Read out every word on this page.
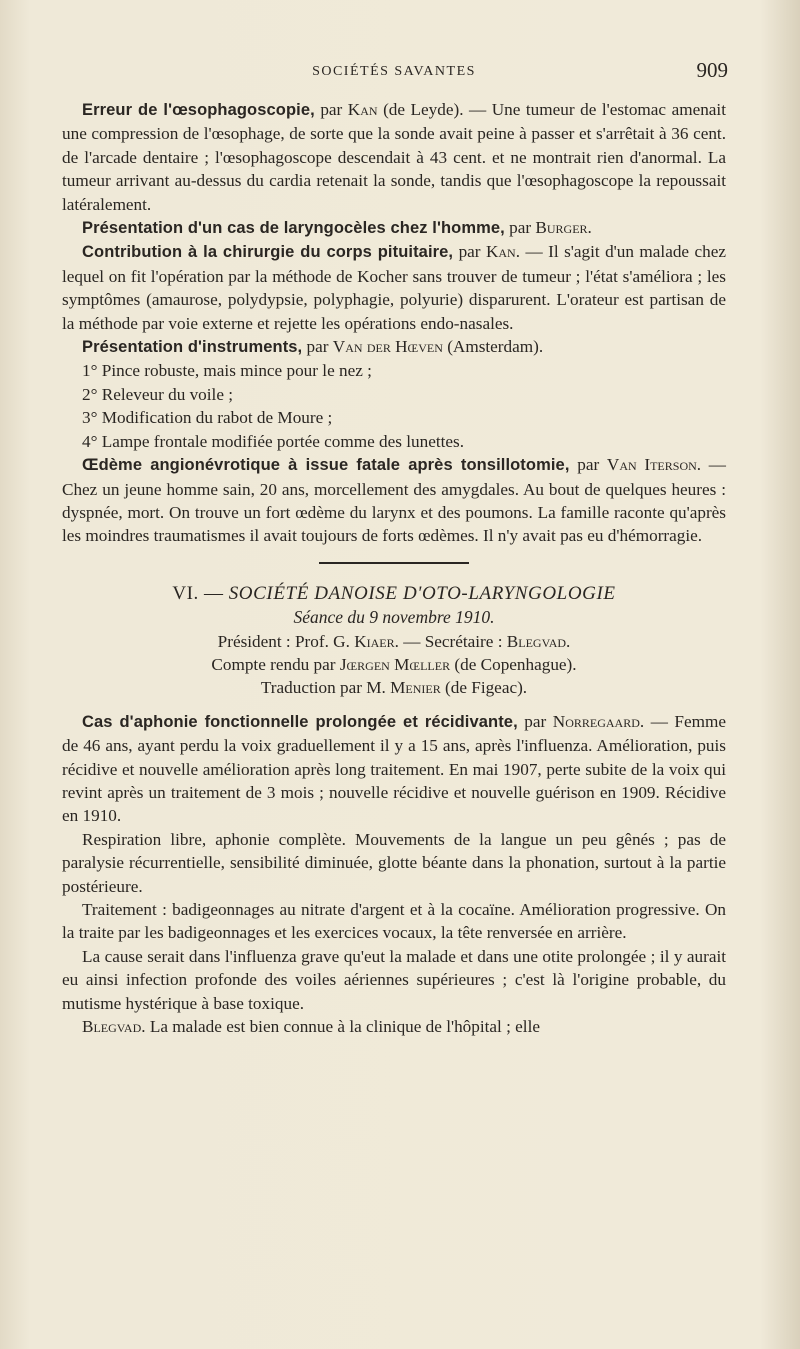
SOCIÉTÉS SAVANTES	909

Erreur de l'œsophagoscopie, par Kan (de Leyde). — Une tumeur de l'estomac amenait une compression de l'œsophage, de sorte que la sonde avait peine à passer et s'arrêtait à 36 cent. de l'arcade dentaire ; l'œsophagoscope descendait à 43 cent. et ne montrait rien d'anormal. La tumeur arrivant au-dessus du cardia retenait la sonde, tandis que l'œsophagoscope la repoussait latéralement.

Présentation d'un cas de laryngocèles chez l'homme, par Burger.

Contribution à la chirurgie du corps pituitaire, par Kan. — Il s'agit d'un malade chez lequel on fit l'opération par la méthode de Kocher sans trouver de tumeur ; l'état s'améliora ; les symptômes (amaurose, polydypsie, polyphagie, polyurie) disparurent. L'orateur est partisan de la méthode par voie externe et rejette les opérations endo-nasales.

Présentation d'instruments, par Van der Hœven (Amsterdam).

1° Pince robuste, mais mince pour le nez ;
2° Releveur du voile ;
3° Modification du rabot de Moure ;
4° Lampe frontale modifiée portée comme des lunettes.

Œdème angionévrotique à issue fatale après tonsillotomie, par Van Iterson. — Chez un jeune homme sain, 20 ans, morcellement des amygdales. Au bout de quelques heures : dyspnée, mort. On trouve un fort œdème du larynx et des poumons. La famille raconte qu'après les moindres traumatismes il avait toujours de forts œdèmes. Il n'y avait pas eu d'hémorragie.

VI. — SOCIÉTÉ DANOISE D'OTO-LARYNGOLOGIE
Séance du 9 novembre 1910.
Président : Prof. G. Kiaer. — Secrétaire : Blegvad.
Compte rendu par Jœrgen Mœller (de Copenhague).
Traduction par M. Menier (de Figeac).

Cas d'aphonie fonctionnelle prolongée et récidivante, par Norregaard. — Femme de 46 ans, ayant perdu la voix graduellement il y a 15 ans, après l'influenza. Amélioration, puis récidive et nouvelle amélioration après long traitement. En mai 1907, perte subite de la voix qui revint après un traitement de 3 mois ; nouvelle récidive et nouvelle guérison en 1909. Récidive en 1910.

Respiration libre, aphonie complète. Mouvements de la langue un peu gênés ; pas de paralysie récurrentielle, sensibilité diminuée, glotte béante dans la phonation, surtout à la partie postérieure.

Traitement : badigeonnages au nitrate d'argent et à la cocaïne. Amélioration progressive. On la traite par les badigeonnages et les exercices vocaux, la tête renversée en arrière.

La cause serait dans l'influenza grave qu'eut la malade et dans une otite prolongée ; il y aurait eu ainsi infection profonde des voiles aériennes supérieures ; c'est là l'origine probable, du mutisme hystérique à base toxique.

Blegvad. La malade est bien connue à la clinique de l'hôpital ; elle
